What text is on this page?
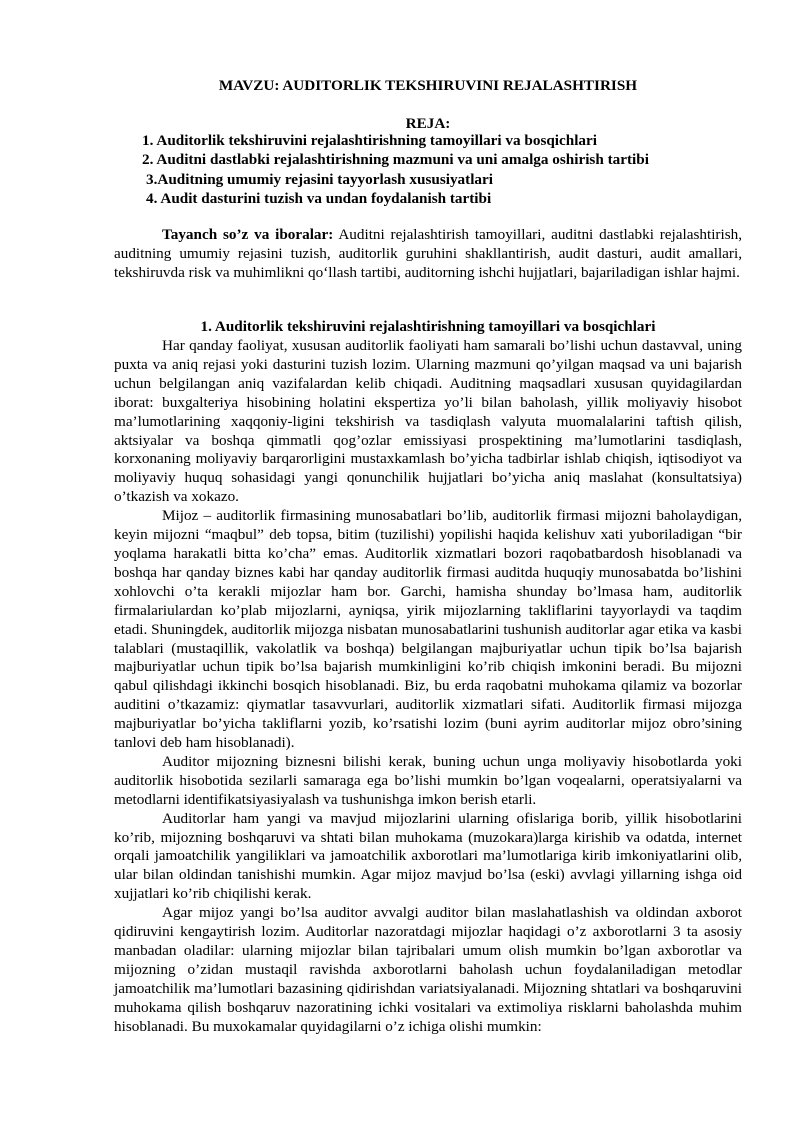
MAVZU: AUDITORLIK TEKSHIRUVINI REJALASHTIRISH
REJA:
1. Auditorlik tekshiruvini rejalashtirishning tamoyillari va bosqichlari
2. Auditni dastlabki rejalashtirishning mazmuni va uni amalga oshirish tartibi
3.Auditning umumiy rejasini tayyorlash xususiyatlari
4. Audit dasturini tuzish va undan foydalanish tartibi

Tayanch so’z va iboralar: Auditni rejalashtirish tamoyillari, auditni dastlabki rejalashtirish, auditning umumiy rejasini tuzish, auditorlik guruhini shakllantirish, audit dasturi, audit amallari, tekshiruvda risk va muhimlikni qo‘llash tartibi, auditorning ishchi hujjatlari, bajariladigan ishlar hajmi.

1. Auditorlik tekshiruvini rejalashtirishning tamoyillari va bosqichlari

Har qanday faoliyat, xususan auditorlik faoliyati ham samarali bo’lishi uchun dastavval, uning puxta va aniq rejasi yoki dasturini tuzish lozim. Ularning mazmuni qo’yilgan maqsad va uni bajarish uchun belgilangan aniq vazifalardan kelib chiqadi. Auditning maqsadlari xususan quyidagilardan iborat: buxgalteriya hisobining holatini ekspertiza yo’li bilan baholash, yillik moliyaviy hisobot ma’lumotlarining xaqqoniy-ligini tekshirish va tasdiqlash valyuta muomalalarini taftish qilish, aktsiyalar va boshqa qimmatli qog’ozlar emissiyasi prospektining ma’lumotlarini tasdiqlash, korxonaning moliyaviy barqarorligini mustaxkamlash bo’yicha tadbirlar ishlab chiqish, iqtisodiyot va moliyaviy huquq sohasidagi yangi qonunchilik hujjatlari bo’yicha aniq maslahat (konsultatsiya) o’tkazish va xokazo.

Mijoz – auditorlik firmasining munosabatlari bo’lib, auditorlik firmasi mijozni baholaydigan, keyin mijozni “maqbul” deb topsa, bitim (tuzilishi) yopilishi haqida kelishuv xati yuboriladigan “bir yoqlama harakatli bitta ko’cha” emas. Auditorlik xizmatlari bozori raqobatbardosh hisoblanadi va boshqa har qanday biznes kabi har qanday auditorlik firmasi auditda huquqiy munosabatda bo’lishini xohlovchi o’ta kerakli mijozlar ham bor. Garchi, hamisha shunday bo’lmasa ham, auditorlik firmalariulardan ko’plab mijozlarni, ayniqsa, yirik mijozlarning takliflarini tayyorlaydi va taqdim etadi. Shuningdek, auditorlik mijozga nisbatan munosabatlarini tushunish auditorlar agar etika va kasbi talablari (mustaqillik, vakolatlik va boshqa) belgilangan majburiyatlar uchun tipik bo’lsa bajarish majburiyatlar uchun tipik bo’lsa bajarish mumkinligini ko’rib chiqish imkonini beradi. Bu mijozni qabul qilishdagi ikkinchi bosqich hisoblanadi. Biz, bu erda raqobatni muhokama qilamiz va bozorlar auditini o’tkazamiz: qiymatlar tasavvurlari, auditorlik xizmatlari sifati. Auditorlik firmasi mijozga majburiyatlar bo’yicha takliflarni yozib, ko’rsatishi lozim (buni ayrim auditorlar mijoz obro’sining tanlovi deb ham hisoblanadi).

Auditor mijozning biznesni bilishi kerak, buning uchun unga moliyaviy hisobotlarda yoki auditorlik hisobotida sezilarli samaraga ega bo’lishi mumkin bo’lgan voqealarni, operatsiyalarni va metodlarni identifikatsiyasiyalash va tushunishga imkon berish etarli.

Auditorlar ham yangi va mavjud mijozlarini ularning ofislariga borib, yillik hisobotlarini ko’rib, mijozning boshqaruvi va shtati bilan muhokama (muzokara)larga kirishib va odatda, internet orqali jamoatchilik yangiliklari va jamoatchilik axborotlari ma’lumotlariga kirib imkoniyatlarini olib, ular bilan oldindan tanishishi mumkin. Agar mijoz mavjud bo’lsa (eski) avvlagi yillarning ishga oid xujjatlari ko’rib chiqilishi kerak.

Agar mijoz yangi bo’lsa auditor avvalgi auditor bilan maslahatlashish va oldindan axborot qidiruvini kengaytirish lozim. Auditorlar nazoratdagi mijozlar haqidagi o’z axborotlarni 3 ta asosiy manbadan oladilar: ularning mijozlar bilan tajribalari umum olish mumkin bo’lgan axborotlar va mijozning o’zidan mustaqil ravishda axborotlarni baholash uchun foydalaniladigan metodlar jamoatchilik ma’lumotlari bazasining qidirishdan variatsiyalanadi. Mijozning shtatlari va boshqaruvini muhokama qilish boshqaruv nazoratining ichki vositalari va extimoliya risklarni baholashda muhim hisoblanadi. Bu muxokamalar quyidagilarni o’z ichiga olishi mumkin:
